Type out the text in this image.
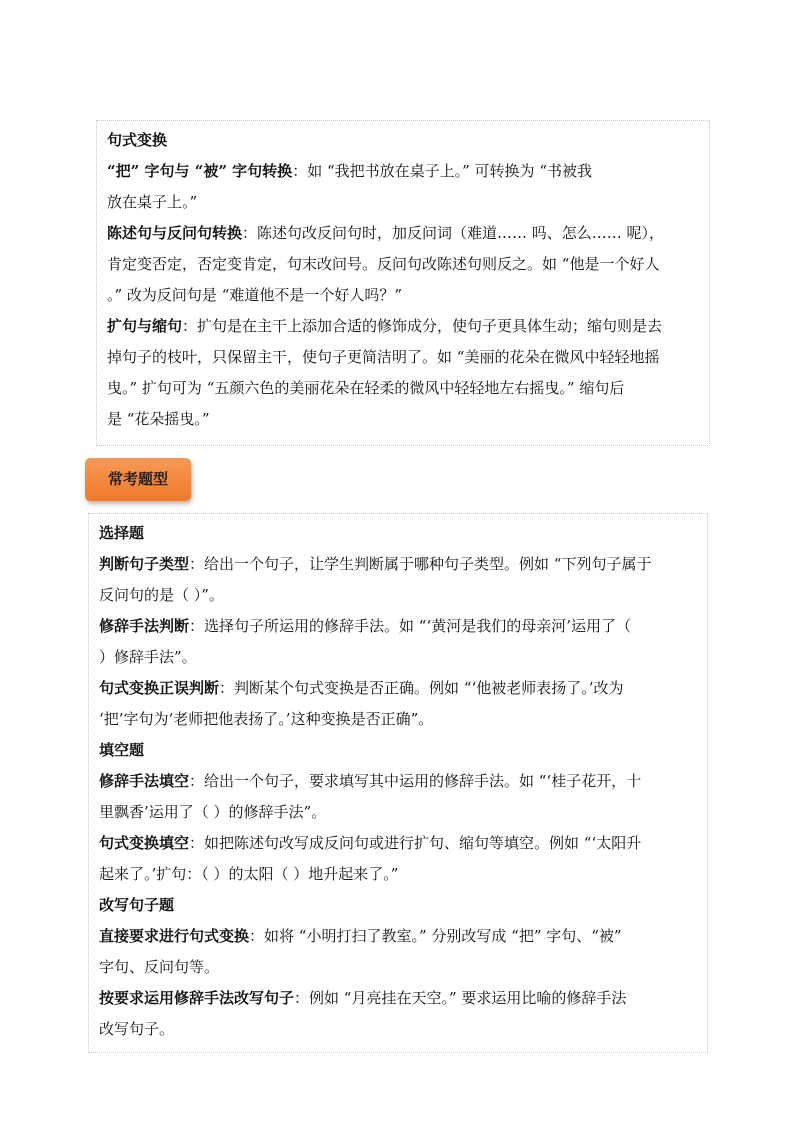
句式变换
“把” 字句与 “被” 字句转换：如 “我把书放在桌子上。” 可转换为 “书被我
放在桌子上。”
陈述句与反问句转换：陈述句改反问句时，加反问词（难道…… 吗、怎么…… 呢），
肯定变否定，否定变肯定，句末改问号。反问句改陈述句则反之。如 “他是一个好人
。” 改为反问句是 “难道他不是一个好人吗？”
扩句与缩句：扩句是在主干上添加合适的修饰成分，使句子更具体生动；缩句则是去
掉句子的枝叶，只保留主干，使句子更简洁明了。如 “美丽的花朵在微风中轻轻地摇
曳。” 扩句可为 “五颜六色的美丽花朵在轻柔的微风中轻轻地左右摇曳。” 缩句后
是 “花朵摇曳。”
常考题型
选择题
判断句子类型：给出一个句子，让学生判断属于哪种句子类型。例如 “下列句子属于
反问句的是（ ）”。
修辞手法判断：选择句子所运用的修辞手法。如 “‘黄河是我们的母亲河’运用了（
）修辞手法”。
句式变换正误判断：判断某个句式变换是否正确。例如 “‘他被老师表扬了。’改为
‘把’字句为‘老师把他表扬了。’这种变换是否正确”。
填空题
修辞手法填空：给出一个句子，要求填写其中运用的修辞手法。如 “‘桂子花开，十
里飘香’运用了（ ）的修辞手法”。
句式变换填空：如把陈述句改写成反问句或进行扩句、缩句等填空。例如 “‘太阳升
起来了。’扩句：（ ）的太阳（ ）地升起来了。”
改写句子题
直接要求进行句式变换：如将 “小明打扫了教室。” 分别改写成 “把” 字句、“被”
字句、反问句等。
按要求运用修辞手法改写句子：例如 “月亮挂在天空。” 要求运用比喻的修辞手法
改写句子。
